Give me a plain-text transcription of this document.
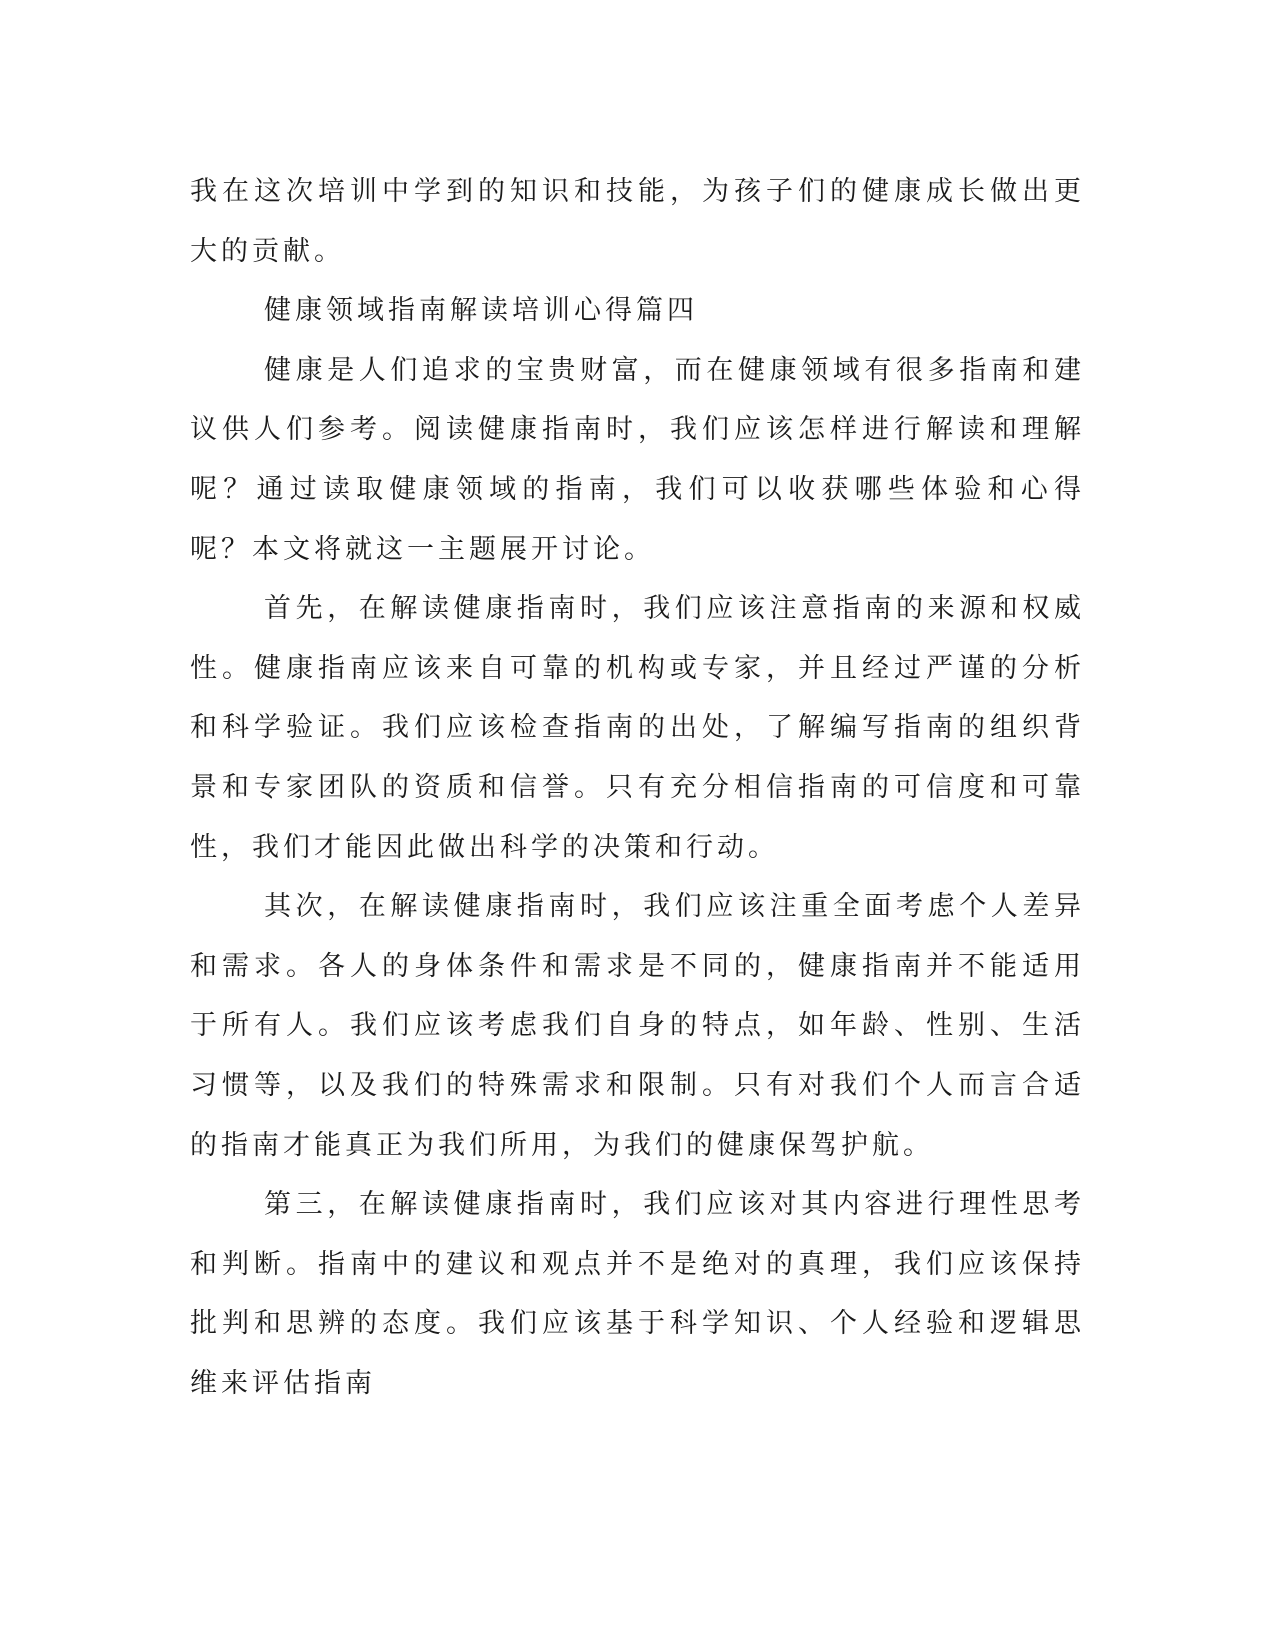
我在这次培训中学到的知识和技能，为孩子们的健康成长做出更大的贡献。

健康领域指南解读培训心得篇四

健康是人们追求的宝贵财富，而在健康领域有很多指南和建议供人们参考。阅读健康指南时，我们应该怎样进行解读和理解呢？通过读取健康领域的指南，我们可以收获哪些体验和心得呢？本文将就这一主题展开讨论。

首先，在解读健康指南时，我们应该注意指南的来源和权威性。健康指南应该来自可靠的机构或专家，并且经过严谨的分析和科学验证。我们应该检查指南的出处，了解编写指南的组织背景和专家团队的资质和信誉。只有充分相信指南的可信度和可靠性，我们才能因此做出科学的决策和行动。

其次，在解读健康指南时，我们应该注重全面考虑个人差异和需求。各人的身体条件和需求是不同的，健康指南并不能适用于所有人。我们应该考虑我们自身的特点，如年龄、性别、生活习惯等，以及我们的特殊需求和限制。只有对我们个人而言合适的指南才能真正为我们所用，为我们的健康保驾护航。

第三，在解读健康指南时，我们应该对其内容进行理性思考和判断。指南中的建议和观点并不是绝对的真理，我们应该保持批判和思辨的态度。我们应该基于科学知识、个人经验和逻辑思维来评估指南
